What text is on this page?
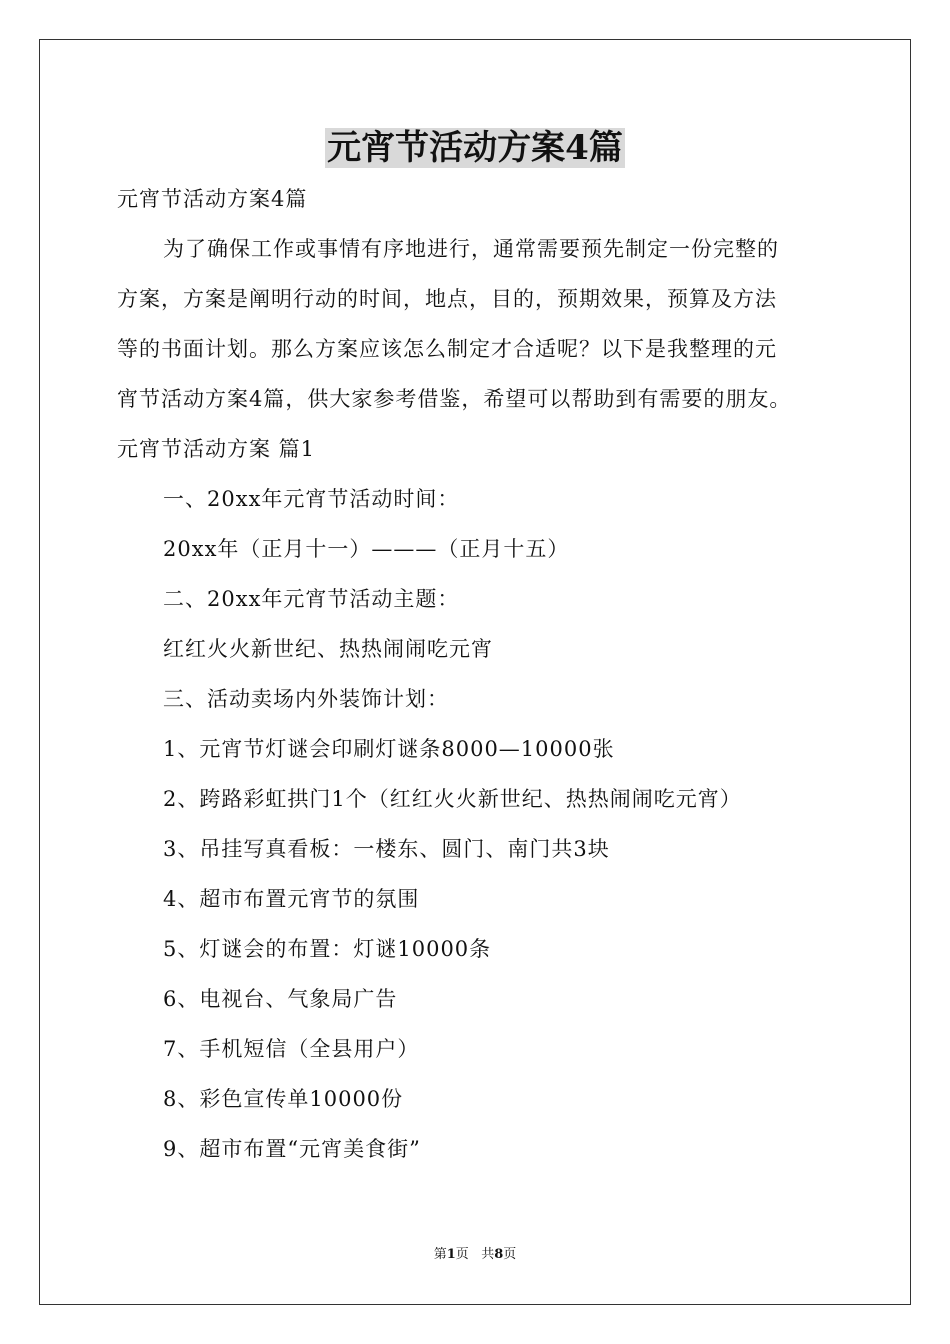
元宵节活动方案4篇
元宵节活动方案4篇
为了确保工作或事情有序地进行，通常需要预先制定一份完整的
方案，方案是阐明行动的时间，地点，目的，预期效果，预算及方法
等的书面计划。那么方案应该怎么制定才合适呢？以下是我整理的元
宵节活动方案4篇，供大家参考借鉴，希望可以帮助到有需要的朋友。
元宵节活动方案 篇1
一、20xx年元宵节活动时间：
20xx年（正月十一）———（正月十五）
二、20xx年元宵节活动主题：
红红火火新世纪、热热闹闹吃元宵
三、活动卖场内外装饰计划：
1、元宵节灯谜会印刷灯谜条8000—10000张
2、跨路彩虹拱门1个（红红火火新世纪、热热闹闹吃元宵）
3、吊挂写真看板：一楼东、圆门、南门共3块
4、超市布置元宵节的氛围
5、灯谜会的布置：灯谜10000条
6、电视台、气象局广告
7、手机短信（全县用户）
8、彩色宣传单10000份
9、超市布置“元宵美食街”
第1页 共8页
